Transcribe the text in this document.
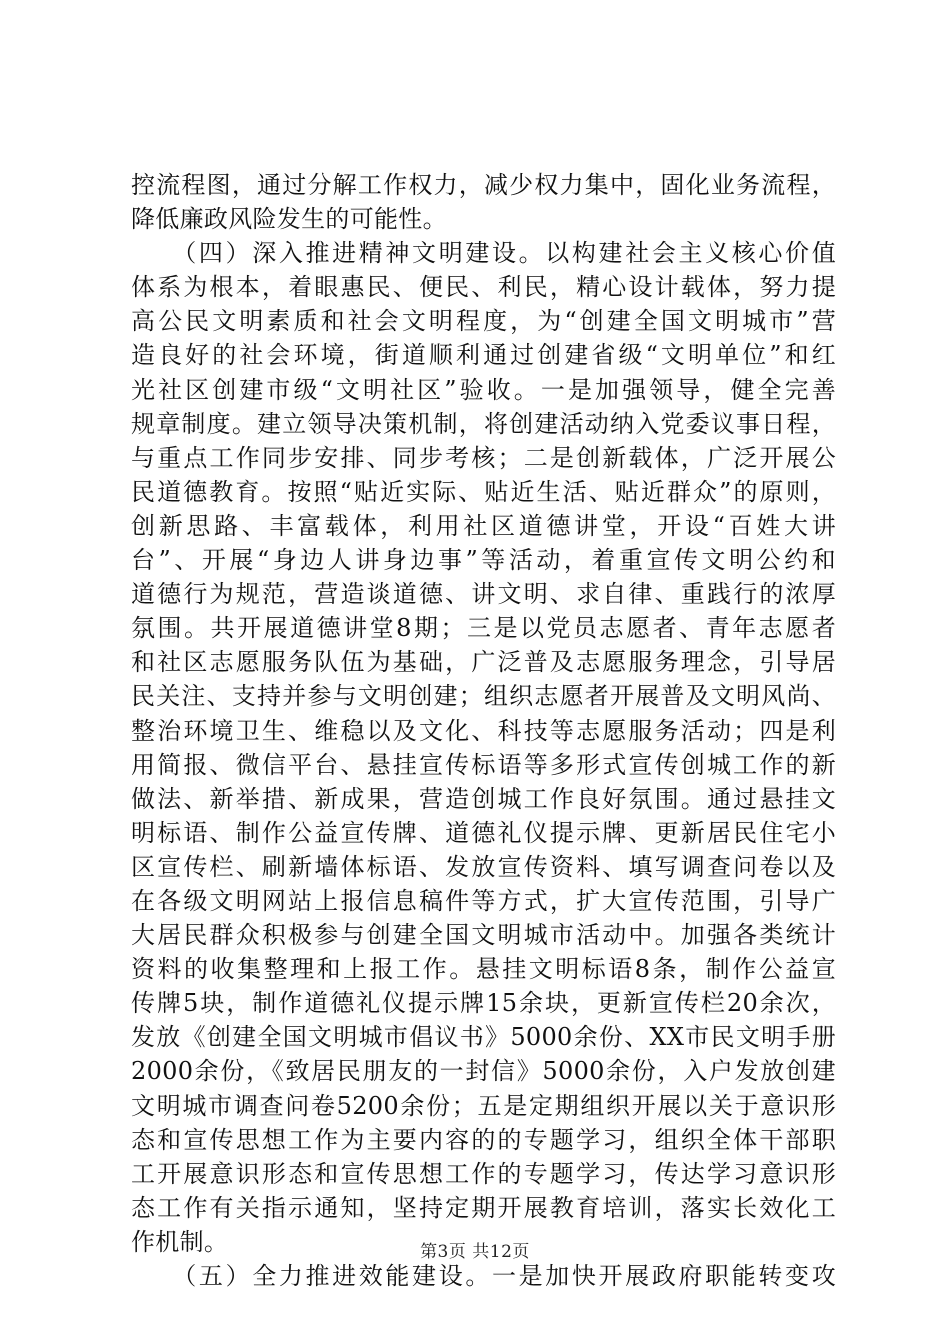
控流程图，通过分解工作权力，减少权力集中，固化业务流程，
降低廉政风险发生的可能性。
　　（四）深入推进精神文明建设。以构建社会主义核心价值
体系为根本，着眼惠民、便民、利民，精心设计载体，努力提
高公民文明素质和社会文明程度，为“创建全国文明城市”营
造良好的社会环境，街道顺利通过创建省级“文明单位”和红
光社区创建市级“文明社区”验收。一是加强领导，健全完善
规章制度。建立领导决策机制，将创建活动纳入党委议事日程，
与重点工作同步安排、同步考核；二是创新载体，广泛开展公
民道德教育。按照“贴近实际、贴近生活、贴近群众”的原则，
创新思路、丰富载体，利用社区道德讲堂，开设“百姓大讲
台”、开展“身边人讲身边事”等活动，着重宣传文明公约和
道德行为规范，营造谈道德、讲文明、求自律、重践行的浓厚
氛围。共开展道德讲堂8期；三是以党员志愿者、青年志愿者
和社区志愿服务队伍为基础，广泛普及志愿服务理念，引导居
民关注、支持并参与文明创建；组织志愿者开展普及文明风尚、
整治环境卫生、维稳以及文化、科技等志愿服务活动；四是利
用简报、微信平台、悬挂宣传标语等多形式宣传创城工作的新
做法、新举措、新成果，营造创城工作良好氛围。通过悬挂文
明标语、制作公益宣传牌、道德礼仪提示牌、更新居民住宅小
区宣传栏、刷新墙体标语、发放宣传资料、填写调查问卷以及
在各级文明网站上报信息稿件等方式，扩大宣传范围，引导广
大居民群众积极参与创建全国文明城市活动中。加强各类统计
资料的收集整理和上报工作。悬挂文明标语8条，制作公益宣
传牌5块，制作道德礼仪提示牌15余块，更新宣传栏20余次，
发放《创建全国文明城市倡议书》5000余份、XX市民文明手册
2000余份，《致居民朋友的一封信》5000余份，入户发放创建
文明城市调查问卷5200余份；五是定期组织开展以关于意识形
态和宣传思想工作为主要内容的的专题学习，组织全体干部职
工开展意识形态和宣传思想工作的专题学习，传达学习意识形
态工作有关指示通知，坚持定期开展教育培训，落实长效化工
作机制。
　　（五）全力推进效能建设。一是加快开展政府职能转变攻
第3页 共12页
